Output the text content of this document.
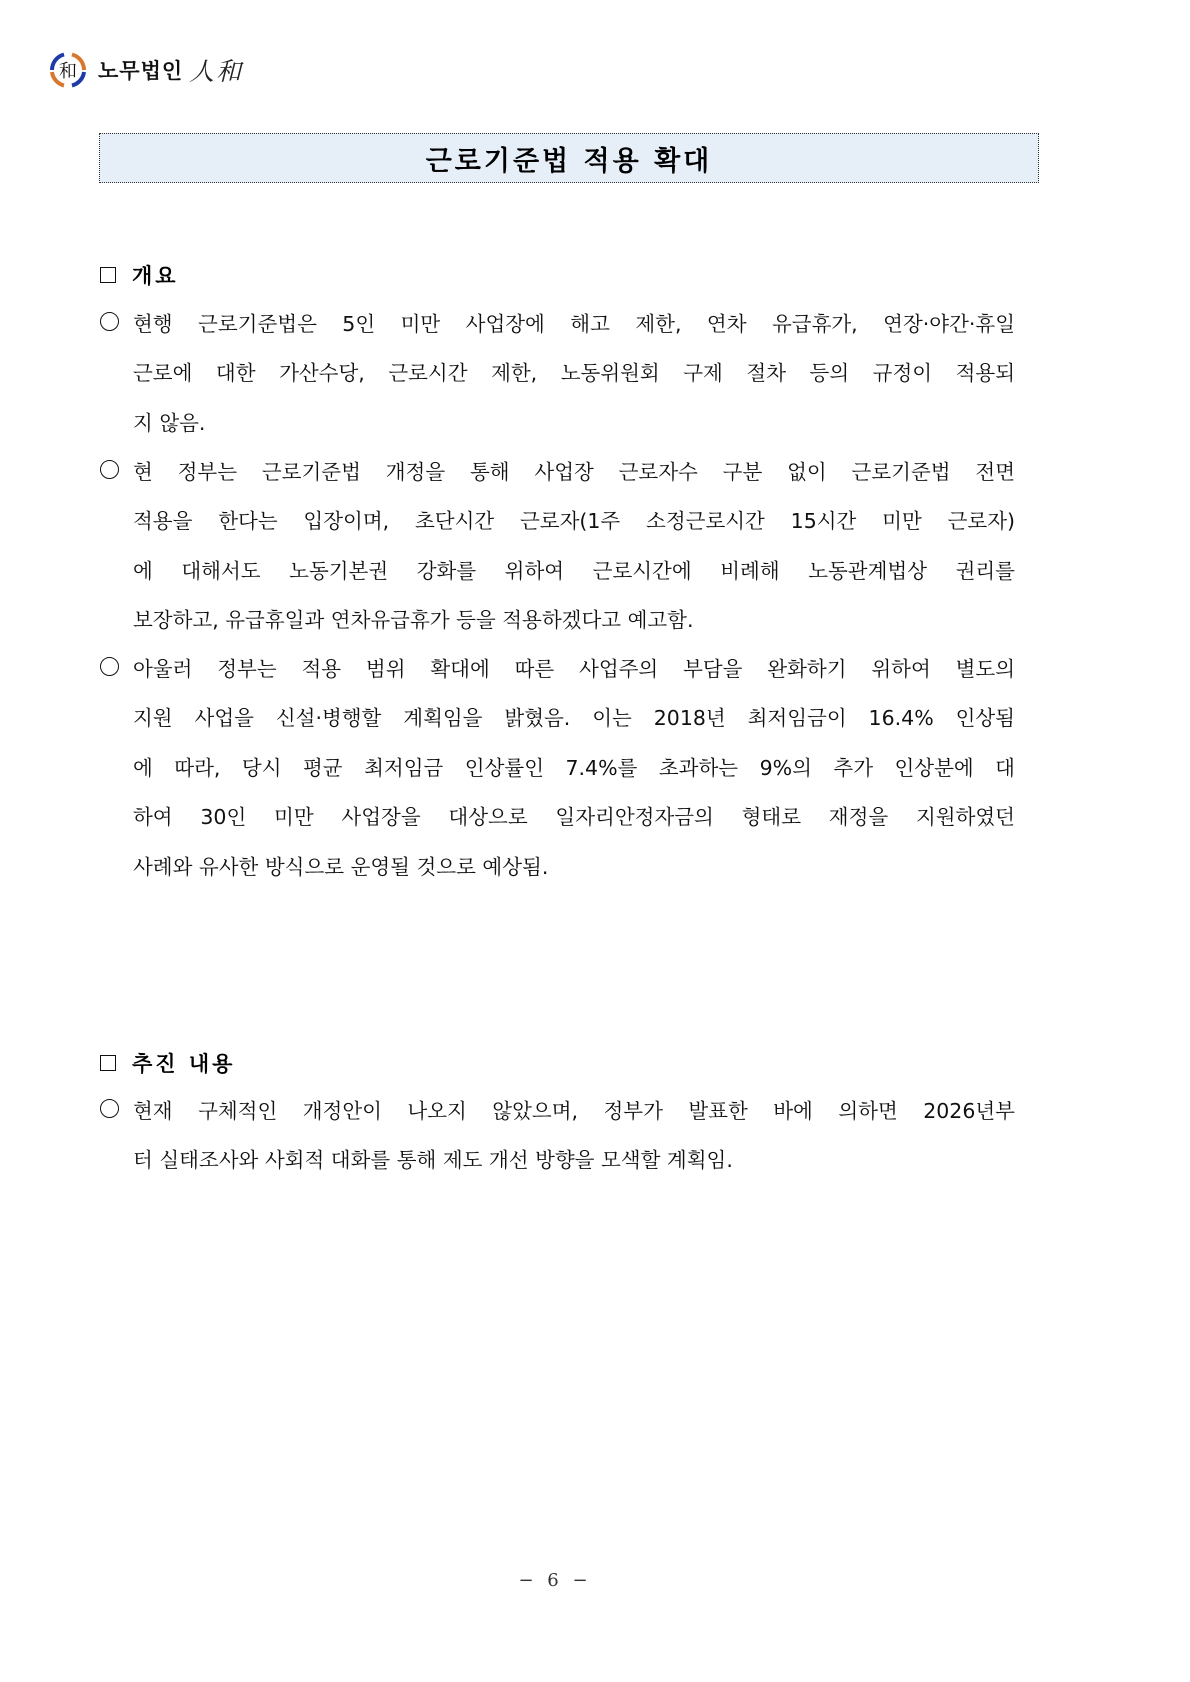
和 노무법인 人和
근로기준법 적용 확대
개요
현행 근로기준법은 5인 미만 사업장에 해고 제한, 연차 유급휴가, 연장·야간·휴일
근로에 대한 가산수당, 근로시간 제한, 노동위원회 구제 절차 등의 규정이 적용되
지 않음.
현 정부는 근로기준법 개정을 통해 사업장 근로자수 구분 없이 근로기준법 전면
적용을 한다는 입장이며, 초단시간 근로자(1주 소정근로시간 15시간 미만 근로자)
에 대해서도 노동기본권 강화를 위하여 근로시간에 비례해 노동관계법상 권리를
보장하고, 유급휴일과 연차유급휴가 등을 적용하겠다고 예고함.
아울러 정부는 적용 범위 확대에 따른 사업주의 부담을 완화하기 위하여 별도의
지원 사업을 신설·병행할 계획임을 밝혔음. 이는 2018년 최저임금이 16.4% 인상됨
에 따라, 당시 평균 최저임금 인상률인 7.4%를 초과하는 9%의 추가 인상분에 대
하여 30인 미만 사업장을 대상으로 일자리안정자금의 형태로 재정을 지원하였던
사례와 유사한 방식으로 운영될 것으로 예상됨.
추진 내용
현재 구체적인 개정안이 나오지 않았으며, 정부가 발표한 바에 의하면 2026년부
터 실태조사와 사회적 대화를 통해 제도 개선 방향을 모색할 계획임.
− 6 −
